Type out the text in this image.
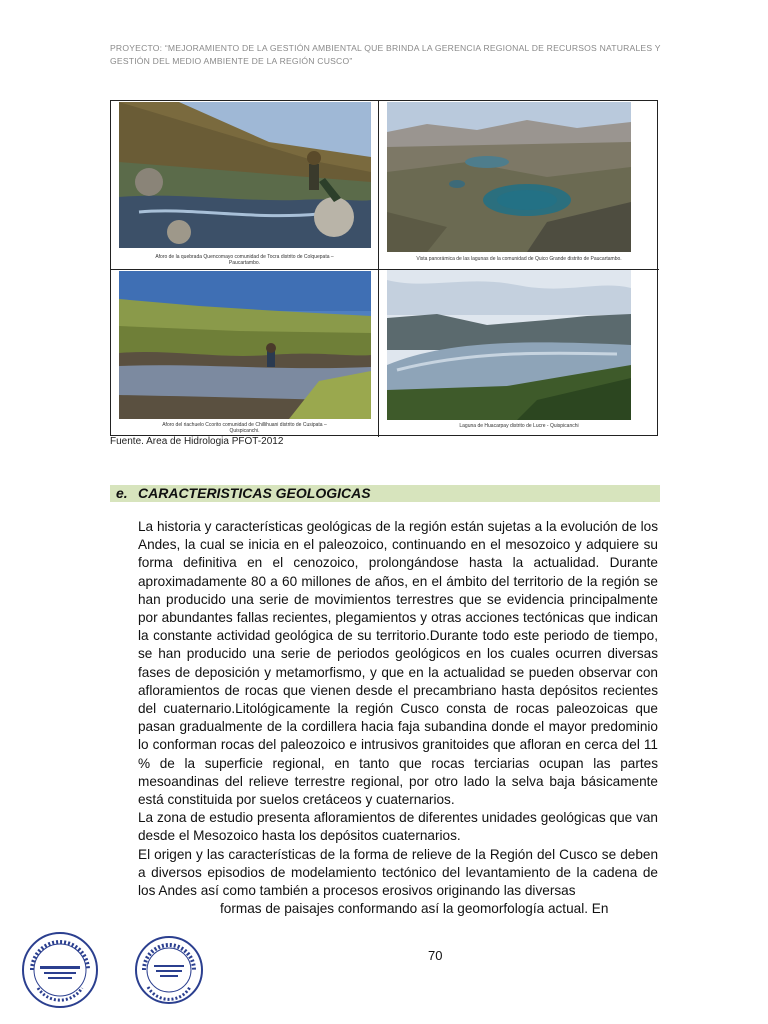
PROYECTO: “MEJORAMIENTO DE LA GESTIÓN AMBIENTAL QUE BRINDA LA GERENCIA REGIONAL DE RECURSOS NATURALES Y GESTIÓN DEL MEDIO AMBIENTE DE LA REGIÓN CUSCO”
Aforo de la quebrada Quencomayo comunidad de Tocra distrito de Colquepata – Paucartambo.
Vista panorámica de las lagunas de la comunidad de Quico Grande distrito de Paucartambo.
Aforo del riachuelo Ccorito comunidad de Chillihuani distrito de Cusipata – Quispicanchi.
Laguna de Huacarpay distrito de Lucre - Quispicanchi
Fuente. Area de Hidrologia PFOT-2012
e. CARACTERISTICAS GEOLOGICAS

La historia y características geológicas de la región están sujetas a la evolución de los Andes, la cual se inicia en el paleozoico, continuando en el mesozoico y adquiere su forma definitiva en el cenozoico, prolongándose hasta la actualidad. Durante aproximadamente 80 a 60 millones de años, en el ámbito del territorio de la región se han producido una serie de movimientos terrestres que se evidencia principalmente por abundantes fallas recientes, plegamientos y otras acciones tectónicas que indican la constante actividad geológica de su territorio.Durante todo este periodo de tiempo, se han producido una serie de periodos geológicos en los cuales ocurren diversas fases de deposición y metamorfismo, y que en la actualidad se pueden observar con afloramientos de rocas que vienen desde el precambriano hasta depósitos recientes del cuaternario.Litológicamente la región Cusco consta de rocas paleozoicas que pasan gradualmente de la cordillera hacia faja subandina donde el mayor predominio lo conforman rocas del paleozoico e intrusivos granitoides que afloran en cerca del 11 % de la superficie regional, en tanto que rocas terciarias ocupan las partes mesoandinas del relieve terrestre regional, por otro lado la selva baja básicamente está constituida por suelos cretáceos y cuaternarios.

La zona de estudio presenta afloramientos de diferentes unidades geológicas que van desde el Mesozoico hasta los depósitos cuaternarios.

El origen y las características de la forma de relieve de la Región del Cusco se deben a diversos episodios de modelamiento tectónico del levantamiento de la cadena de los Andes así como también a procesos erosivos originando las diversas

formas de paisajes conformando así la geomorfología actual. En

70
